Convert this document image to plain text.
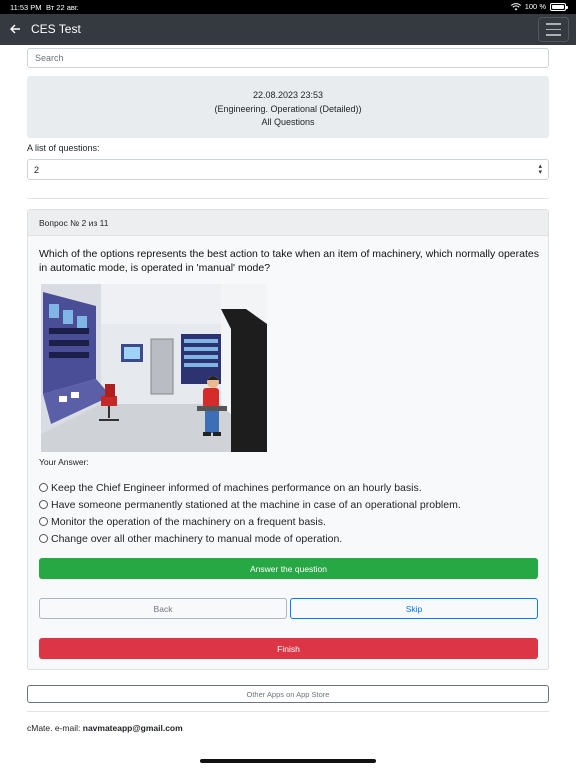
11:53 PM Вт 22 авг.	100 %
CES Test
Search
22.08.2023 23:53
(Engineering. Operational (Detailed))
All Questions
A list of questions:
2	▴
▾
Вопрос № 2 из 11
Which of the options represents the best action to take when an item of machinery, which normally operates in automatic mode, is operated in 'manual' mode?
Your Answer:
Keep the Chief Engineer informed of machines performance on an hourly basis.
Have someone permanently stationed at the machine in case of an operational problem.
Monitor the operation of the machinery on a frequent basis.
Change over all other machinery to manual mode of operation.
Answer the question
Back	Skip
Finish
Other Apps on App Store
cMate. e-mail: navmateapp@gmail.com
